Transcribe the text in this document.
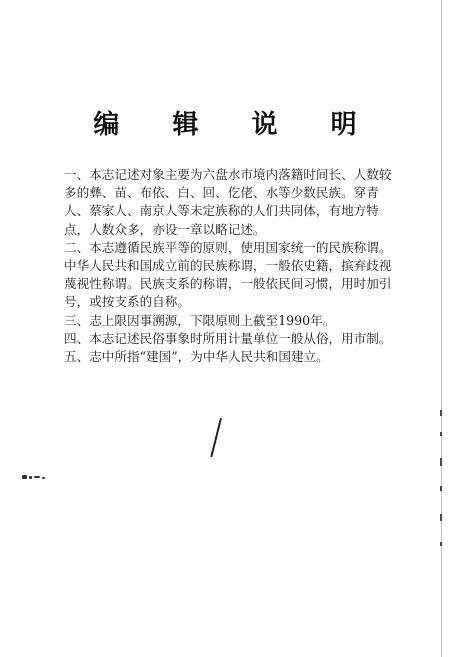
编 辑 说 明

一、本志记述对象主要为六盘水市境内落籍时间长、人数较多的彝、苗、布依、白、回、仡佬、水等少数民族。穿青人、蔡家人、南京人等未定族称的人们共同体，有地方特点，人数众多，亦设一章以略记述。

二、本志遵循民族平等的原则，使用国家统一的民族称谓。中华人民共和国成立前的民族称谓，一般依史籍，摈弃歧视蔑视性称谓。民族支系的称谓，一般依民间习惯，用时加引号，或按支系的自称。

三、志上限因事溯源，下限原则上截至1990年。

四、本志记述民俗事象时所用计量单位一般从俗，用市制。

五、志中所指“建国”，为中华人民共和国建立。
